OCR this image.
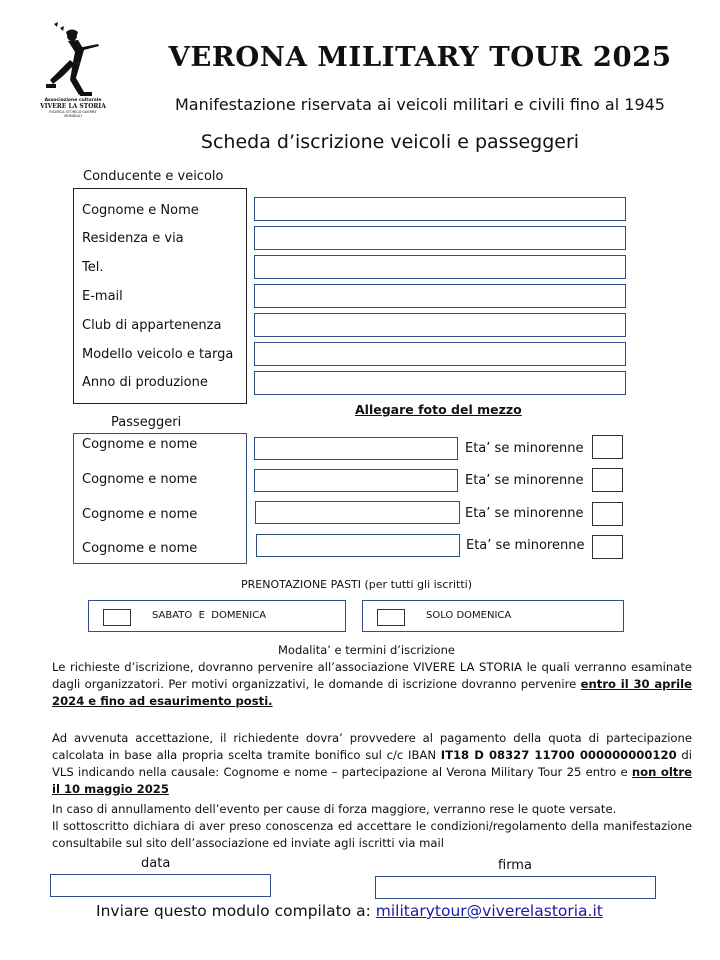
Associazione culturale
VIVERE LA STORIA
RICERCA STORICA GUERRE MONDIALI
VERONA MILITARY TOUR 2025
Manifestazione riservata ai veicoli militari e civili fino al 1945
Scheda d’iscrizione veicoli e passeggeri
Conducente e veicolo
Cognome e Nome
Residenza e via
Tel.
E-mail
Club di appartenenza
Modello veicolo e targa
Anno di produzione
Allegare foto del mezzo
Passeggeri
Cognome e nome
Cognome e nome
Cognome e nome
Cognome e nome
Eta’ se minorenne
Eta’ se minorenne
Eta’ se minorenne
Eta’ se minorenne
PRENOTAZIONE PASTI (per tutti gli iscritti)
SABATO  E  DOMENICA	SOLO DOMENICA
Modalita’ e termini d’iscrizione
Le richieste d’iscrizione, dovranno pervenire all’associazione VIVERE LA STORIA le quali verranno esaminate dagli organizzatori. Per motivi organizzativi, le domande di iscrizione dovranno pervenire entro il 30 aprile 2024 e fino ad esaurimento posti.
Ad avvenuta accettazione, il richiedente dovra’ provvedere al pagamento della quota di partecipazione calcolata in base alla propria scelta tramite bonifico sul c/c IBAN IT18 D 08327 11700 000000000120 di VLS indicando nella causale: Cognome e nome – partecipazione al Verona Military Tour 25 entro e non oltre il 10 maggio 2025
In caso di annullamento dell’evento per cause di forza maggiore, verranno rese le quote versate.
Il sottoscritto dichiara di aver preso conoscenza ed accettare le condizioni/regolamento della manifestazione consultabile sul sito dell’associazione ed inviate agli iscritti via mail
data	firma
Inviare questo modulo compilato a: militarytour@viverelastoria.it
